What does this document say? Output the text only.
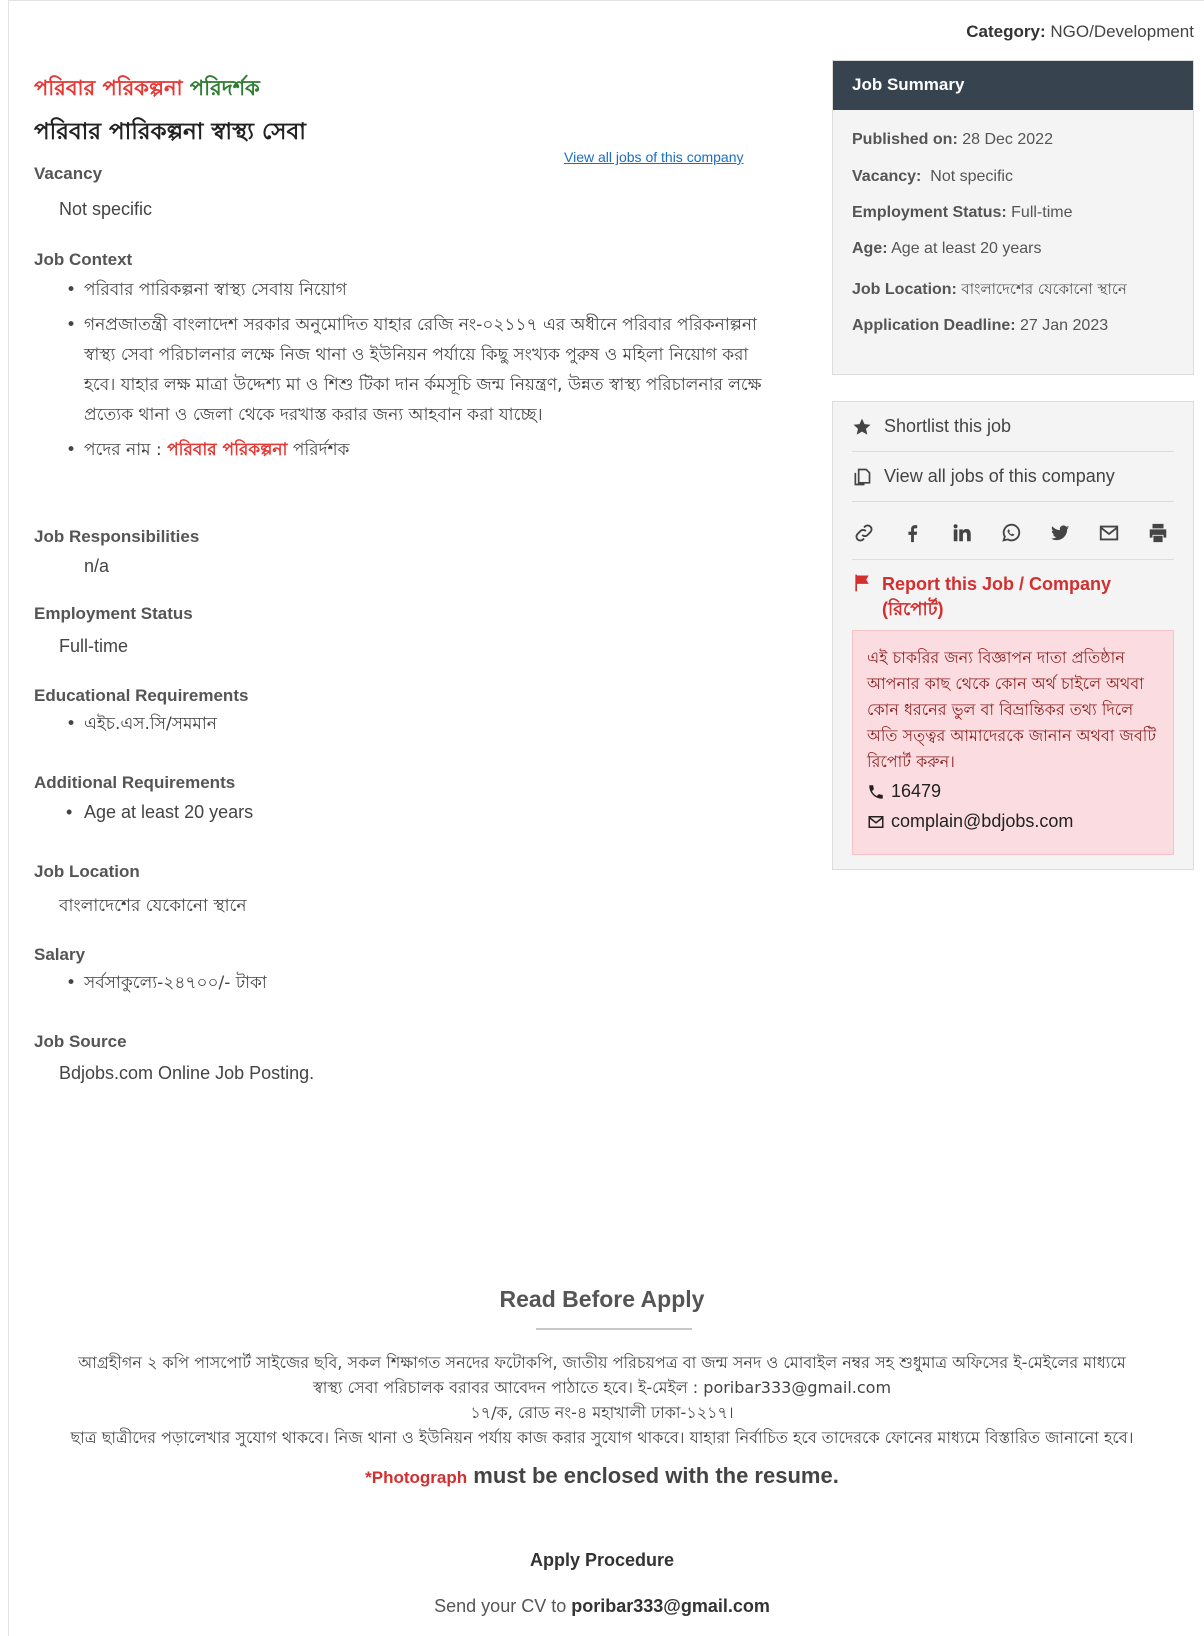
Category: NGO/Development
পরিবার পরিকল্পনা পরিদর্শক
পরিবার পারিকল্পনা স্বাস্থ্য সেবা
View all jobs of this company
Vacancy
Not specific
Job Context
• পরিবার পারিকল্পনা স্বাস্থ্য সেবায় নিয়োগ
• গনপ্রজাতন্ত্রী বাংলাদেশ সরকার অনুমোদিত যাহার রেজি নং-০২১১৭ এর অধীনে পরিবার পরিকনাল্পনা স্বাস্থ্য সেবা পরিচালনার লক্ষে নিজ থানা ও ইউনিয়ন পর্যায়ে কিছু সংখ্যক পুরুষ ও মহিলা নিয়োগ করা হবে। যাহার লক্ষ মাত্রা উদ্দেশ্য মা ও শিশু টিকা দান র্কমসূচি জন্ম নিয়ন্ত্রণ, উন্নত স্বাস্থ্য পরিচালনার লক্ষে প্রত্যেক থানা ও জেলা থেকে দরখাস্ত করার জন্য আহবান করা যাচ্ছে।
• পদের নাম : পরিবার পরিকল্পনা পরির্দশক
Job Responsibilities
n/a
Employment Status
Full-time
Educational Requirements
• এইচ.এস.সি/সমমান
Additional Requirements
• Age at least 20 years
Job Location
বাংলাদেশের যেকোনো স্থানে
Salary
• সর্বসাকুল্যে-২৪৭০০/- টাকা
Job Source
Bdjobs.com Online Job Posting.
Job Summary
Published on: 28 Dec 2022
Vacancy: Not specific
Employment Status: Full-time
Age: Age at least 20 years
Job Location: বাংলাদেশের যেকোনো স্থানে
Application Deadline: 27 Jan 2023
Shortlist this job
View all jobs of this company
Report this Job / Company (রিপোর্ট)

এই চাকরির জন্য বিজ্ঞাপন দাতা প্রতিষ্ঠান আপনার কাছ থেকে কোন অর্থ চাইলে অথবা কোন ধরনের ভুল বা বিভ্রান্তিকর তথ্য দিলে অতি সত্ত্বর আমাদেরকে জানান অথবা জবটি রিপোর্ট করুন।

16479
complain@bdjobs.com
Read Before Apply
আগ্রহীগন ২ কপি পাসপোর্ট সাইজের ছবি, সকল শিক্ষাগত সনদের ফটোকপি, জাতীয় পরিচয়পত্র বা জন্ম সনদ ও মোবাইল নম্বর সহ শুধুমাত্র অফিসের ই-মেইলের মাধ্যমে
স্বাস্থ্য সেবা পরিচালক বরাবর আবেদন পাঠাতে হবে। ই-মেইল : poribar333@gmail.com
১৭/ক, রোড নং-৪ মহাখালী ঢাকা-১২১৭।
ছাত্র ছাত্রীদের পড়ালেখার সুযোগ থাকবে। নিজ থানা ও ইউনিয়ন পর্যায় কাজ করার সুযোগ থাকবে। যাহারা নির্বাচিত হবে তাদেরকে ফোনের মাধ্যমে বিস্তারিত জানানো হবে।
*Photograph must be enclosed with the resume.
Apply Procedure
Send your CV to poribar333@gmail.com
